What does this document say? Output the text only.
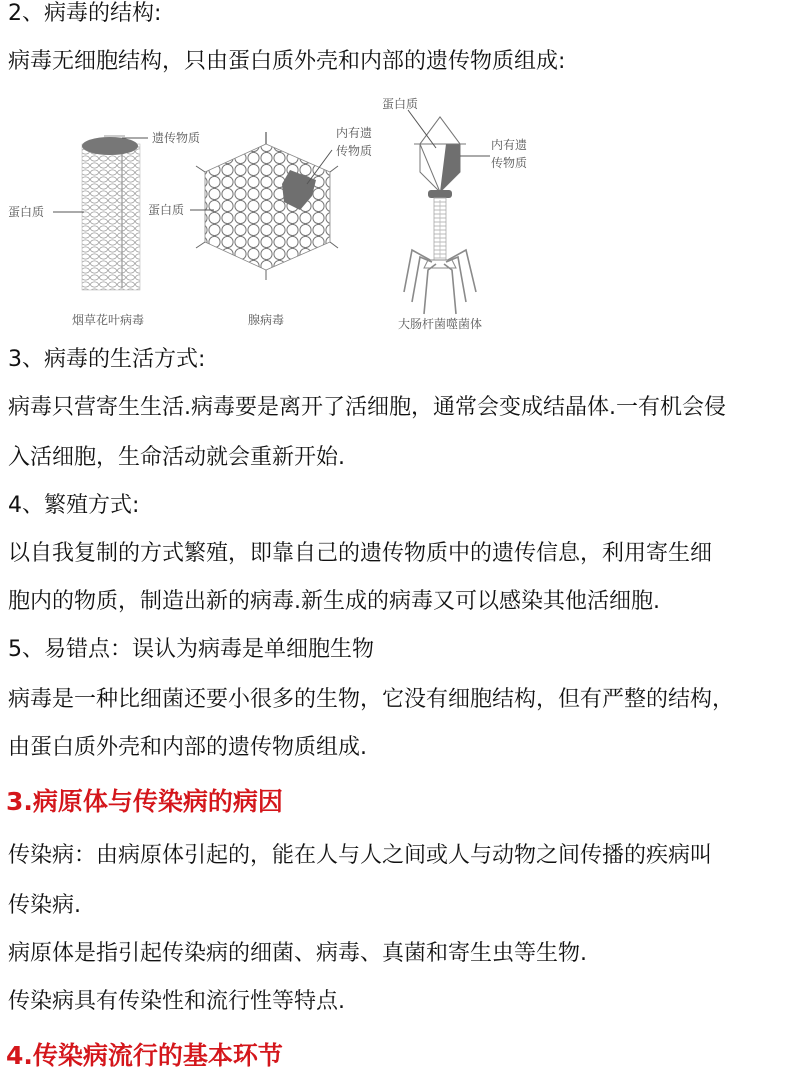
2、病毒的结构:
病毒无细胞结构，只由蛋白质外壳和内部的遗传物质组成:
遗传物质
蛋白质
烟草花叶病毒
内有遗
传物质
蛋白质
腺病毒
蛋白质
内有遗
传物质
大肠杆菌噬菌体
3、病毒的生活方式:
病毒只营寄生生活.病毒要是离开了活细胞，通常会变成结晶体.一有机会侵
入活细胞，生命活动就会重新开始.
4、繁殖方式:
以自我复制的方式繁殖，即靠自己的遗传物质中的遗传信息，利用寄生细
胞内的物质，制造出新的病毒.新生成的病毒又可以感染其他活细胞.
5、易错点：误认为病毒是单细胞生物
病毒是一种比细菌还要小很多的生物，它没有细胞结构，但有严整的结构，
由蛋白质外壳和内部的遗传物质组成.
3.病原体与传染病的病因
传染病：由病原体引起的，能在人与人之间或人与动物之间传播的疾病叫
传染病.
病原体是指引起传染病的细菌、病毒、真菌和寄生虫等生物.
传染病具有传染性和流行性等特点.
4.传染病流行的基本环节
